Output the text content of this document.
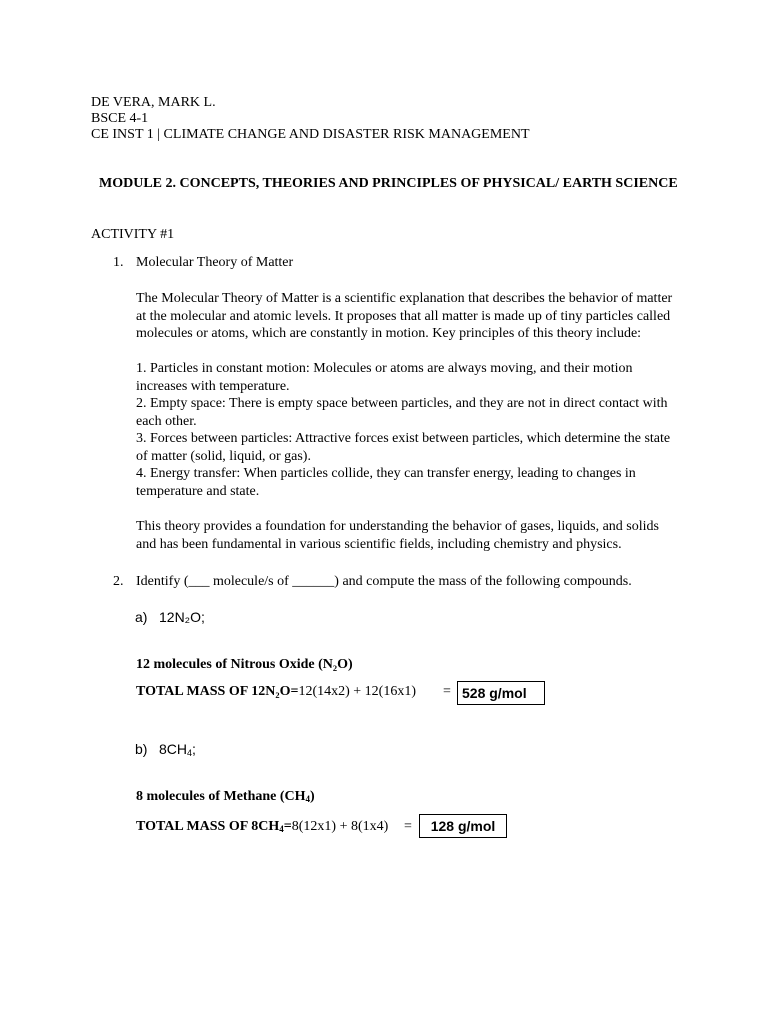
DE VERA, MARK L.
BSCE 4-1
CE INST 1 | CLIMATE CHANGE AND DISASTER RISK MANAGEMENT
MODULE 2. CONCEPTS, THEORIES AND PRINCIPLES OF PHYSICAL/ EARTH SCIENCE
ACTIVITY #1
1. Molecular Theory of Matter
The Molecular Theory of Matter is a scientific explanation that describes the behavior of matter at the molecular and atomic levels. It proposes that all matter is made up of tiny particles called molecules or atoms, which are constantly in motion. Key principles of this theory include:
1. Particles in constant motion: Molecules or atoms are always moving, and their motion increases with temperature.
2. Empty space: There is empty space between particles, and they are not in direct contact with each other.
3. Forces between particles: Attractive forces exist between particles, which determine the state of matter (solid, liquid, or gas).
4. Energy transfer: When particles collide, they can transfer energy, leading to changes in temperature and state.
This theory provides a foundation for understanding the behavior of gases, liquids, and solids and has been fundamental in various scientific fields, including chemistry and physics.
2. Identify (___ molecule/s of ______) and compute the mass of the following compounds.
a) 12N₂O;
12 molecules of Nitrous Oxide (N₂O)
TOTAL MASS OF 12N₂O=12(14x2) + 12(16x1) = 528 g/mol
b) $8CH_4$;
8 molecules of Methane $(CH_4)$
TOTAL MASS OF $8CH_4=8(12x1) + 8(1x4)$ =	128 g/mol
